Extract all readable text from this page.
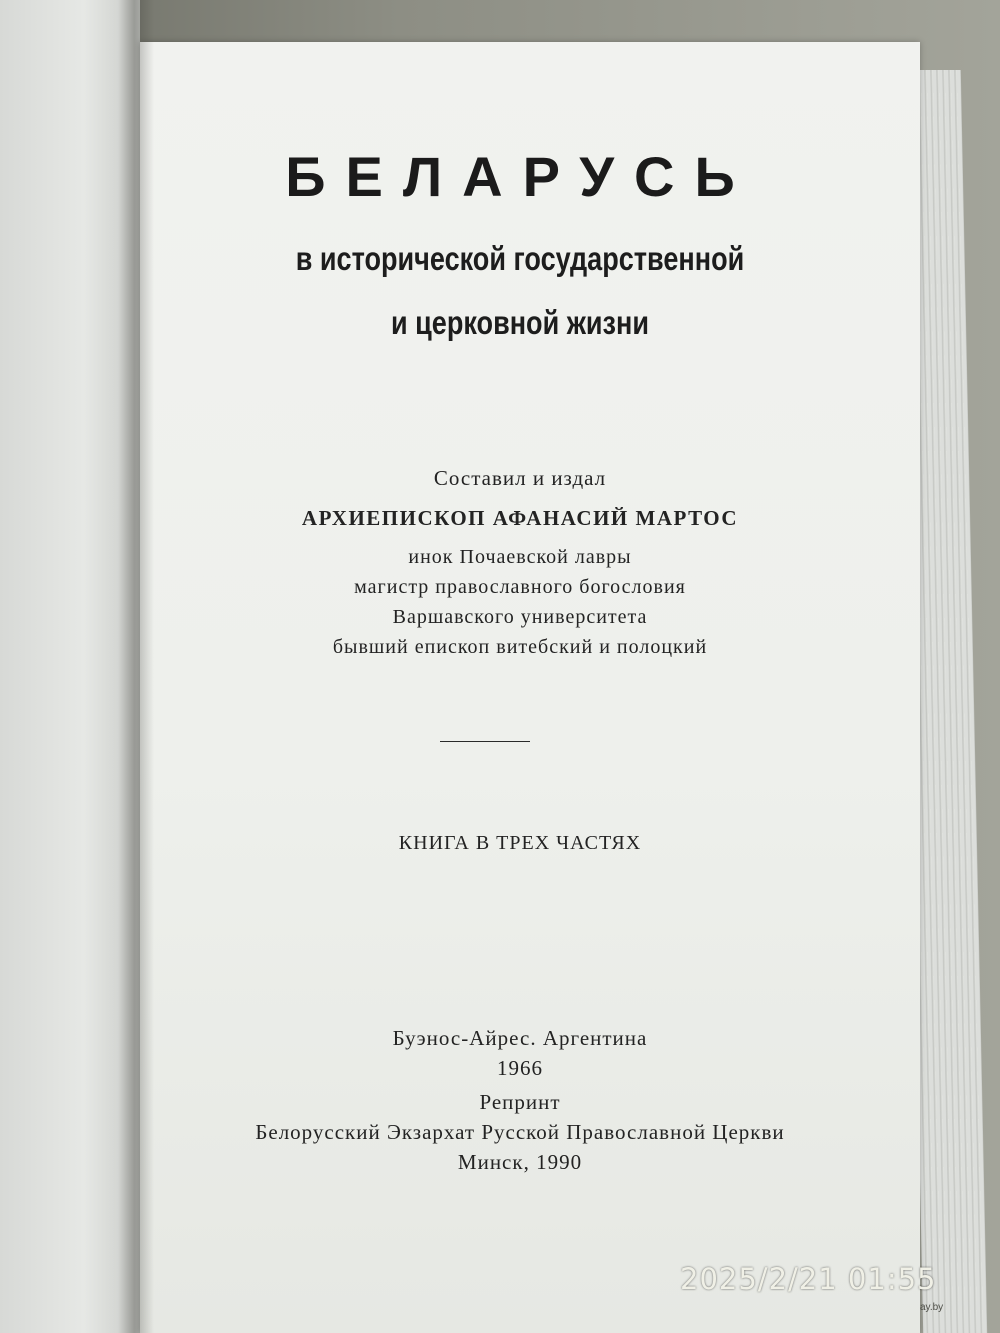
БЕЛАРУСЬ
в исторической государственной
и церковной жизни
Составил и издал
АРХИЕПИСКОП АФАНАСИЙ МАРТОС
инок Почаевской лавры
магистр православного богословия
Варшавского университета
бывший епископ витебский и полоцкий
КНИГА В ТРЕХ ЧАСТЯХ
Буэнос-Айрес. Аргентина
1966
Репринт
Белорусский Экзархат Русской Православной Церкви
Минск, 1990
ay.by
2025/2/21 01:55
